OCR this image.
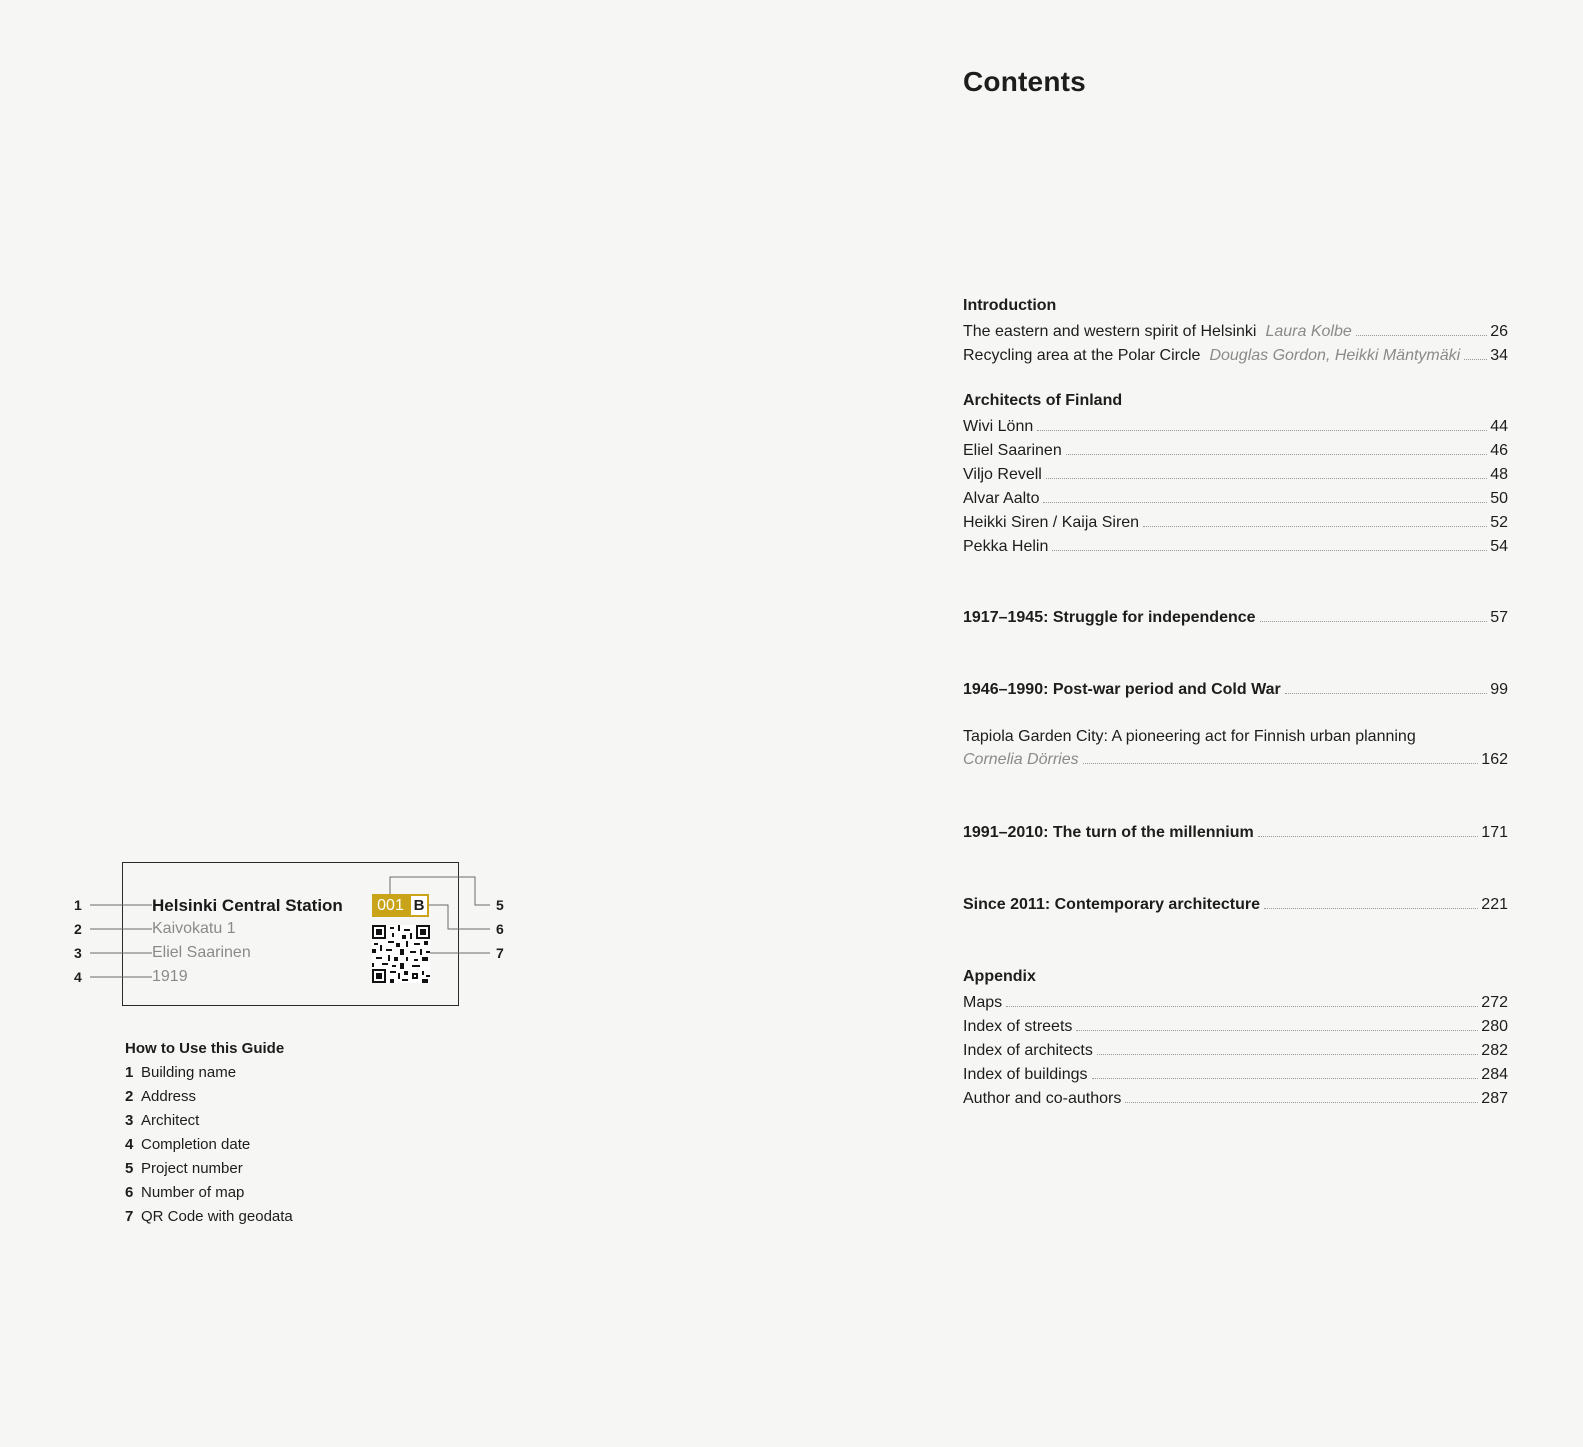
Contents
Introduction
The eastern and western spirit of Helsinki Laura Kolbe	26
Recycling area at the Polar Circle Douglas Gordon, Heikki Mäntymäki 34
Architects of Finland
Wivi Lönn	44
Eliel Saarinen	46
Viljo Revell	48
Alvar Aalto	50
Heikki Siren / Kaija Siren	52
Pekka Helin	54
1917–1945: Struggle for independence	57
1946–1990: Post-war period and Cold War	99
Tapiola Garden City: A pioneering act for Finnish urban planning
Cornelia Dörries	162
1991–2010: The turn of the millennium	171
Since 2011: Contemporary architecture	221
Appendix
Maps	272
Index of streets	280
Index of architects	282
Index of buildings	284
Author and co-authors	287
1
2
3
4
5
6
7
Helsinki Central Station
Kaivokatu 1
Eliel Saarinen
1919
001 B
How to Use this Guide
1 Building name
2 Address
3 Architect
4 Completion date
5 Project number
6 Number of map
7 QR Code with geodata
